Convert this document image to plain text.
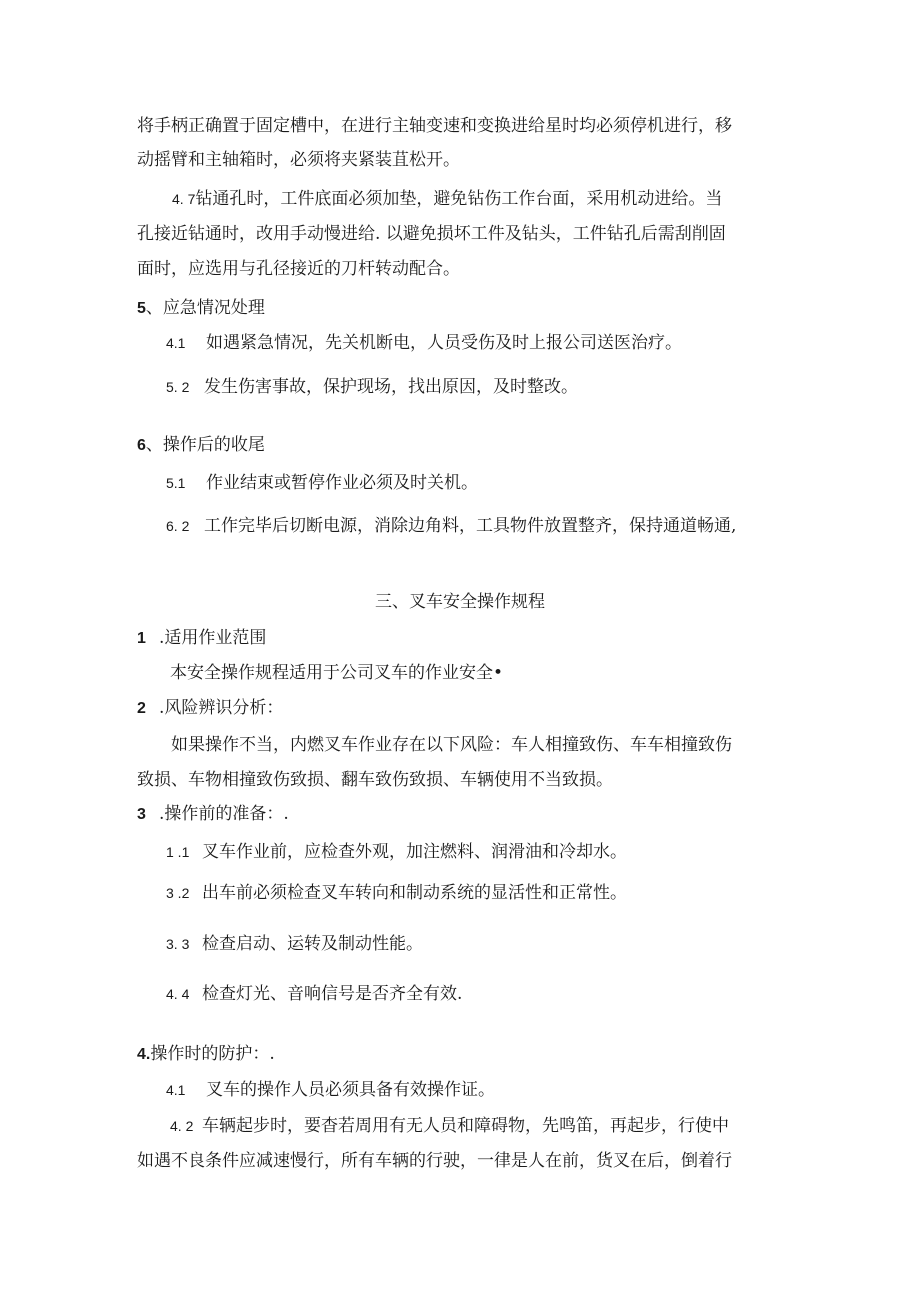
将手柄正确置于固定槽中，在进行主轴变速和变换进给星时均必须停机进行，移
动摇臂和主轴箱时，必须将夹紧装苴松开。
4. 7钻通孔时，工件底面必须加垫，避免钻伤工作台面，采用机动进给。当
孔接近钻通时，改用手动慢进给. 以避免损坏工件及钻头，工件钻孔后需刮削固
面时，应选用与孔径接近的刀杆转动配合。
5、应急情况处理
4.1 如遇紧急情况，先关机断电，人员受伤及时上报公司送医治疗。
5. 2 发生伤害事故，保护现场，找出原因，及时整改。
6、操作后的收尾
5.1 作业结束或暂停作业必须及时关机。
6. 2 工作完毕后切断电源，消除边角料，工具物件放置整齐，保持通道畅通,
三、叉车安全操作规程
1 .适用作业范围
本安全操作规程适用于公司叉车的作业安全•
2 .风险辨识分析：
如果操作不当，内燃叉车作业存在以下风险：车人相撞致伤、车车相撞致伤
致损、车物相撞致伤致损、翻车致伤致损、车辆使用不当致损。
3 .操作前的准备：.
1 .1 叉车作业前，应检查外观，加注燃料、润滑油和冷却水。
3 .2 出车前必须检查叉车转向和制动系统的显活性和正常性。
3. 3 检查启动、运转及制动性能。
4. 4 检查灯光、音响信号是否齐全有效.
4.操作时的防护：.
4.1 叉车的操作人员必须具备有效操作证。
4. 2 车辆起步时，要杳若周用有无人员和障碍物，先鸣笛，再起步，行使中
如遇不良条件应减速慢行，所有车辆的行驶，一律是人在前，货叉在后，倒着行
